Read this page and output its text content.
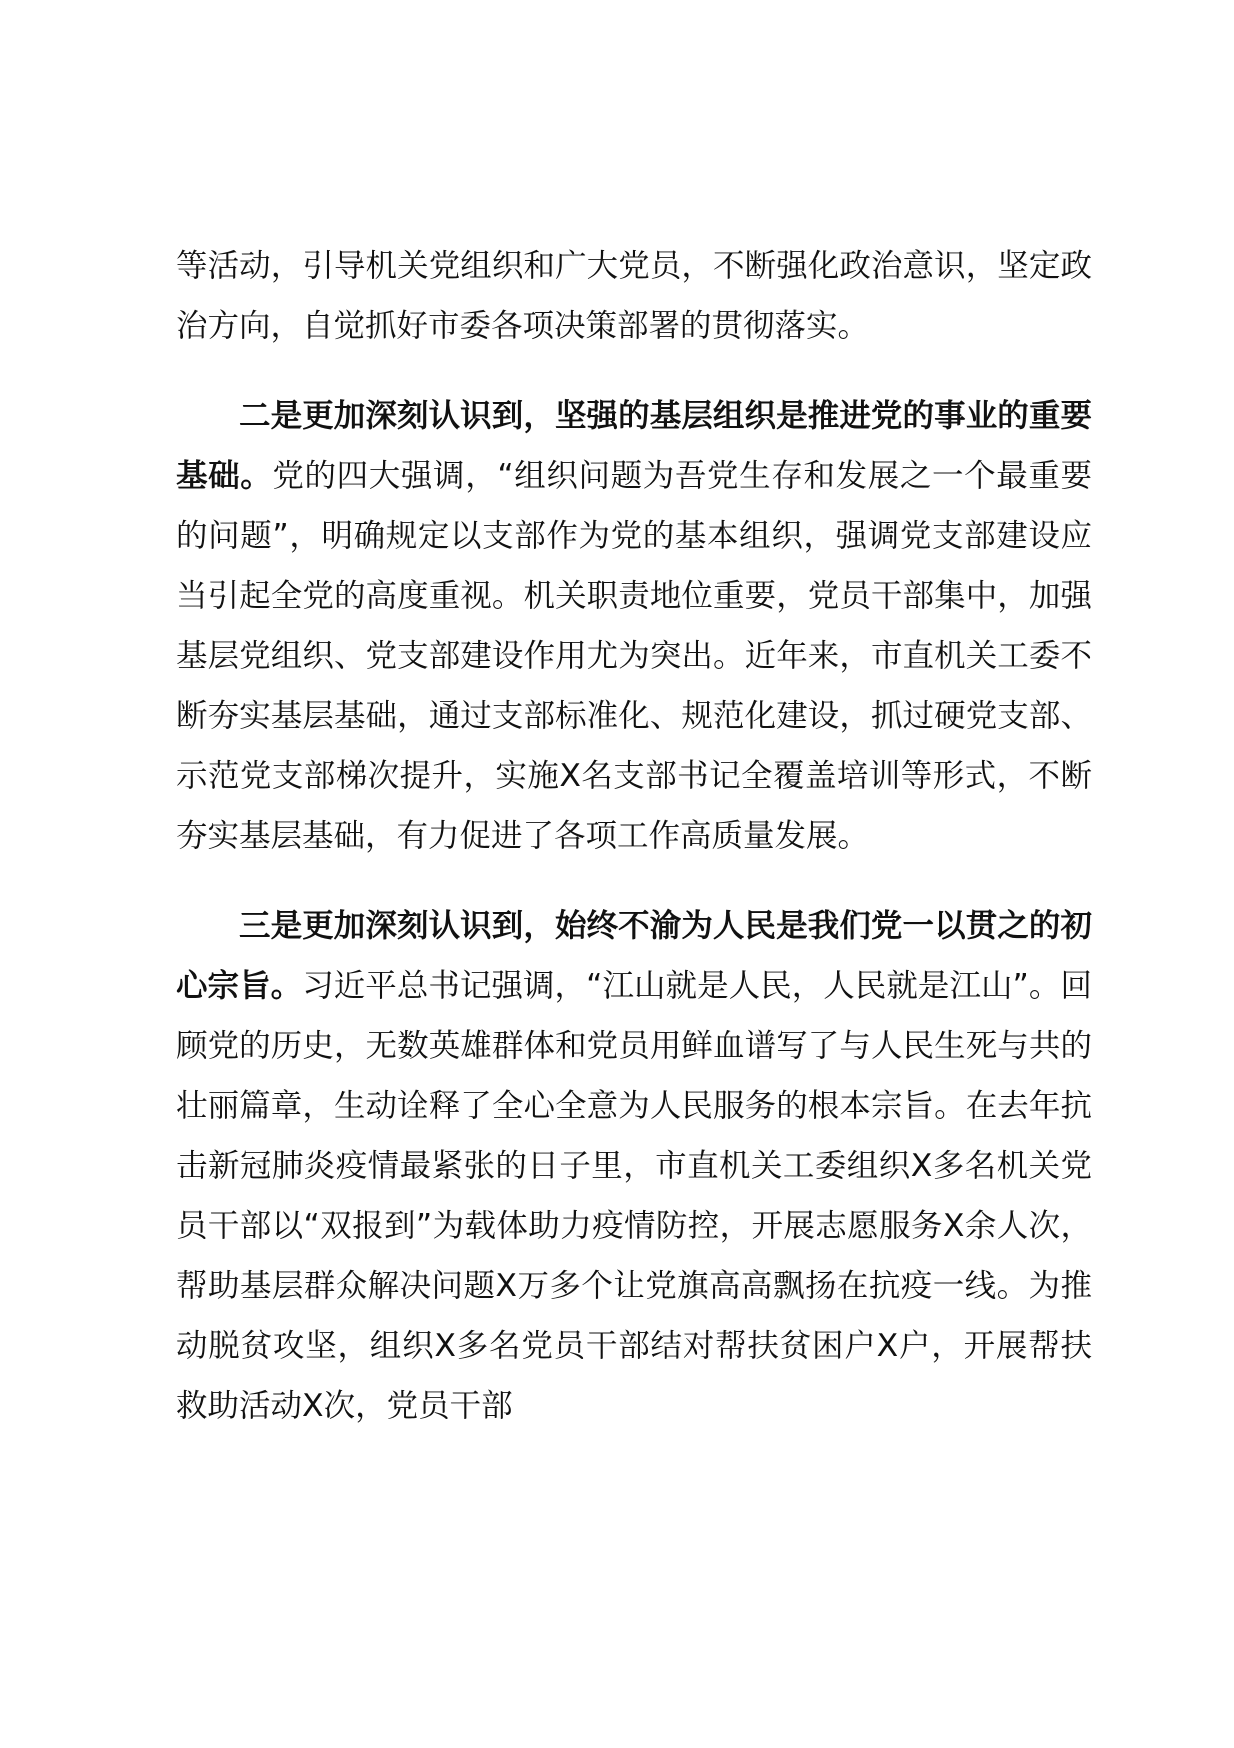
等活动，引导机关党组织和广大党员，不断强化政治意识，坚定政治方向，自觉抓好市委各项决策部署的贯彻落实。

二是更加深刻认识到，坚强的基层组织是推进党的事业的重要基础。党的四大强调，“组织问题为吾党生存和发展之一个最重要的问题”，明确规定以支部作为党的基本组织，强调党支部建设应当引起全党的高度重视。机关职责地位重要，党员干部集中，加强基层党组织、党支部建设作用尤为突出。近年来，市直机关工委不断夯实基层基础，通过支部标准化、规范化建设，抓过硬党支部、示范党支部梯次提升，实施X名支部书记全覆盖培训等形式，不断夯实基层基础，有力促进了各项工作高质量发展。

三是更加深刻认识到，始终不渝为人民是我们党一以贯之的初心宗旨。习近平总书记强调，“江山就是人民，人民就是江山”。回顾党的历史，无数英雄群体和党员用鲜血谱写了与人民生死与共的壮丽篇章，生动诠释了全心全意为人民服务的根本宗旨。在去年抗击新冠肺炎疫情最紧张的日子里，市直机关工委组织X多名机关党员干部以“双报到”为载体助力疫情防控，开展志愿服务X余人次，帮助基层群众解决问题X万多个让党旗高高飘扬在抗疫一线。为推动脱贫攻坚，组织X多名党员干部结对帮扶贫困户X户，开展帮扶救助活动X次，党员干部
